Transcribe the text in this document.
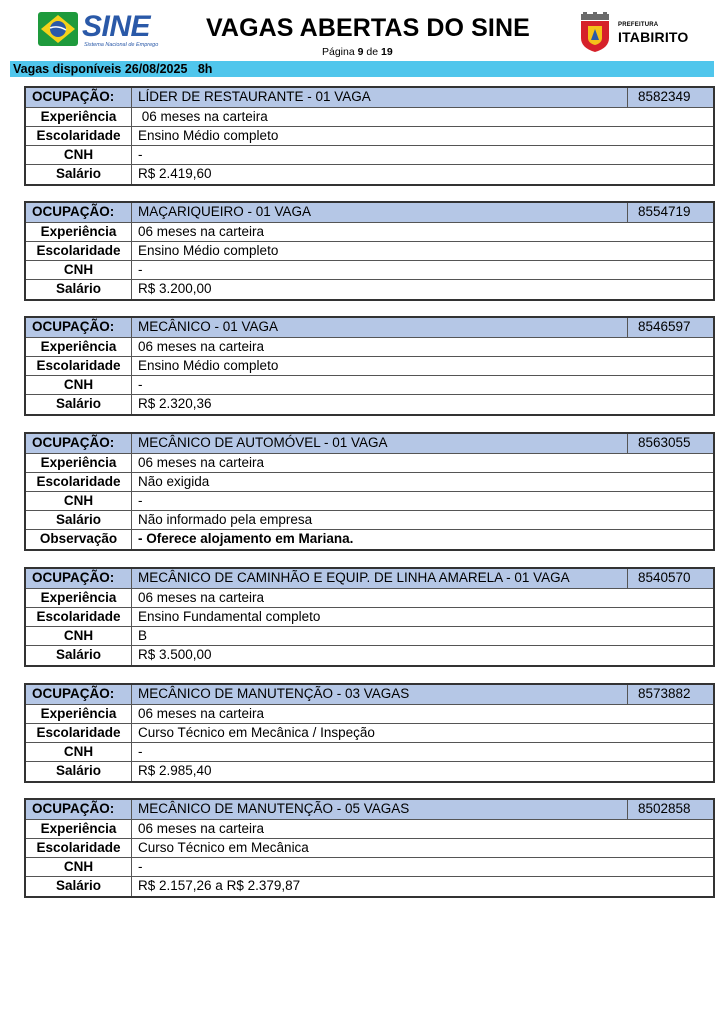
SINE
Sistema Nacional de Emprego
VAGAS ABERTAS DO SINE
Página 9 de 19
PREFEITURA
ITABIRITO
Vagas disponíveis 26/08/2025   8h
OCUPAÇÃO:	LÍDER DE RESTAURANTE - 01 VAGA	8582349
Experiência	06 meses na carteira
Escolaridade	Ensino Médio completo
CNH	-
Salário	R$ 2.419,60
OCUPAÇÃO:	MAÇARIQUEIRO - 01 VAGA	8554719
Experiência	06 meses na carteira
Escolaridade	Ensino Médio completo
CNH	-
Salário	R$ 3.200,00
OCUPAÇÃO:	MECÂNICO - 01 VAGA	8546597
Experiência	06 meses na carteira
Escolaridade	Ensino Médio completo
CNH	-
Salário	R$ 2.320,36
OCUPAÇÃO:	MECÂNICO DE AUTOMÓVEL - 01 VAGA	8563055
Experiência	06 meses na carteira
Escolaridade	Não exigida
CNH	-
Salário	Não informado pela empresa
Observação	- Oferece alojamento em Mariana.
OCUPAÇÃO:	MECÂNICO DE CAMINHÃO E EQUIP. DE LINHA AMARELA - 01 VAGA	8540570
Experiência	06 meses na carteira
Escolaridade	Ensino Fundamental completo
CNH	B
Salário	R$ 3.500,00
OCUPAÇÃO:	MECÂNICO DE MANUTENÇÃO - 03 VAGAS	8573882
Experiência	06 meses na carteira
Escolaridade	Curso Técnico em Mecânica / Inspeção
CNH	-
Salário	R$ 2.985,40
OCUPAÇÃO:	MECÂNICO DE MANUTENÇÃO - 05 VAGAS	8502858
Experiência	06 meses na carteira
Escolaridade	Curso Técnico em Mecânica
CNH	-
Salário	R$ 2.157,26 a R$ 2.379,87
